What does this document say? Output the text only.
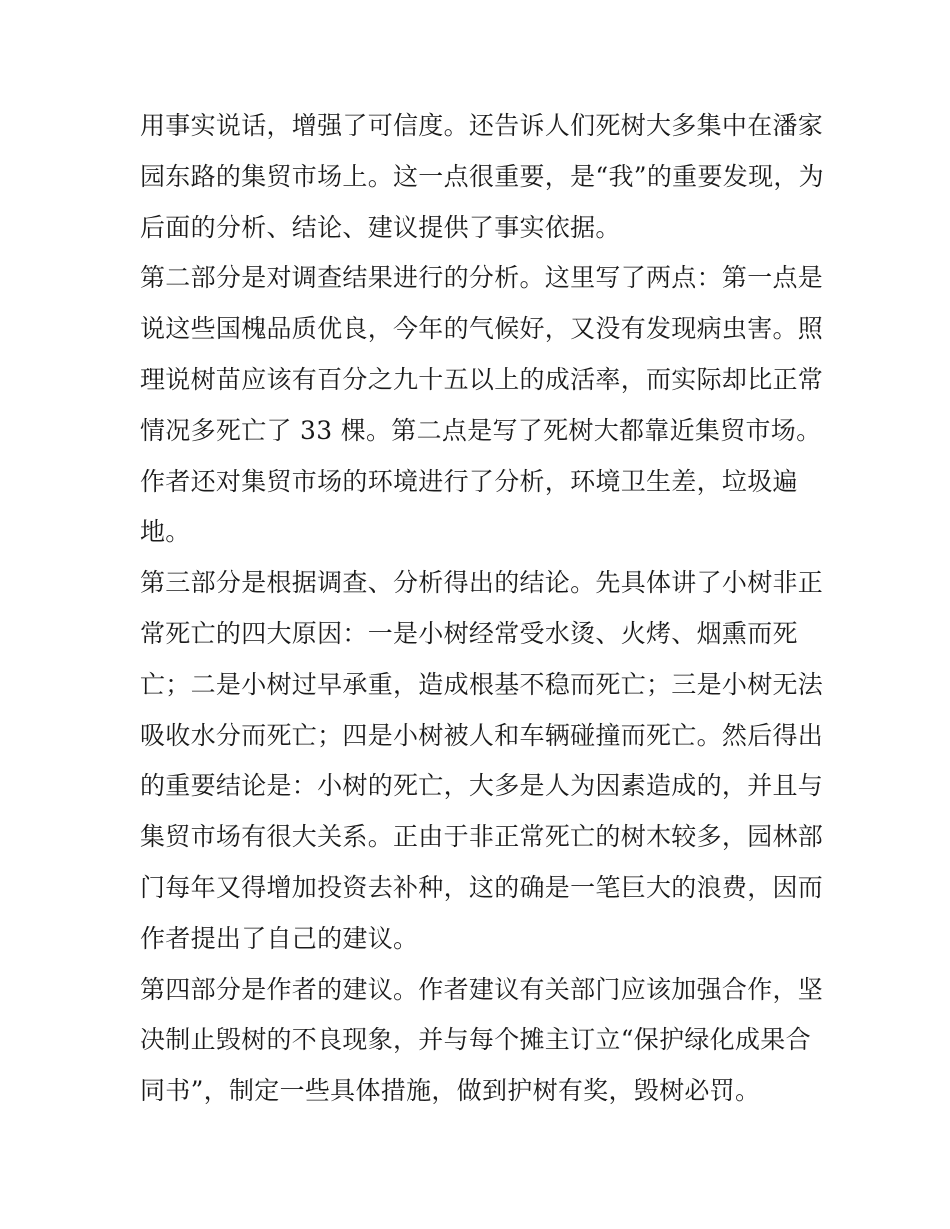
用事实说话，增强了可信度。还告诉人们死树大多集中在潘家
园东路的集贸市场上。这一点很重要，是“我”的重要发现，为
后面的分析、结论、建议提供了事实依据。
第二部分是对调查结果进行的分析。这里写了两点：第一点是
说这些国槐品质优良，今年的气候好，又没有发现病虫害。照
理说树苗应该有百分之九十五以上的成活率，而实际却比正常
情况多死亡了 33 棵。第二点是写了死树大都靠近集贸市场。
作者还对集贸市场的环境进行了分析，环境卫生差，垃圾遍
地。
第三部分是根据调查、分析得出的结论。先具体讲了小树非正
常死亡的四大原因：一是小树经常受水烫、火烤、烟熏而死
亡；二是小树过早承重，造成根基不稳而死亡；三是小树无法
吸收水分而死亡；四是小树被人和车辆碰撞而死亡。然后得出
的重要结论是：小树的死亡，大多是人为因素造成的，并且与
集贸市场有很大关系。正由于非正常死亡的树木较多，园林部
门每年又得增加投资去补种，这的确是一笔巨大的浪费，因而
作者提出了自己的建议。
第四部分是作者的建议。作者建议有关部门应该加强合作，坚
决制止毁树的不良现象，并与每个摊主订立“保护绿化成果合
同书”，制定一些具体措施，做到护树有奖，毁树必罚。
